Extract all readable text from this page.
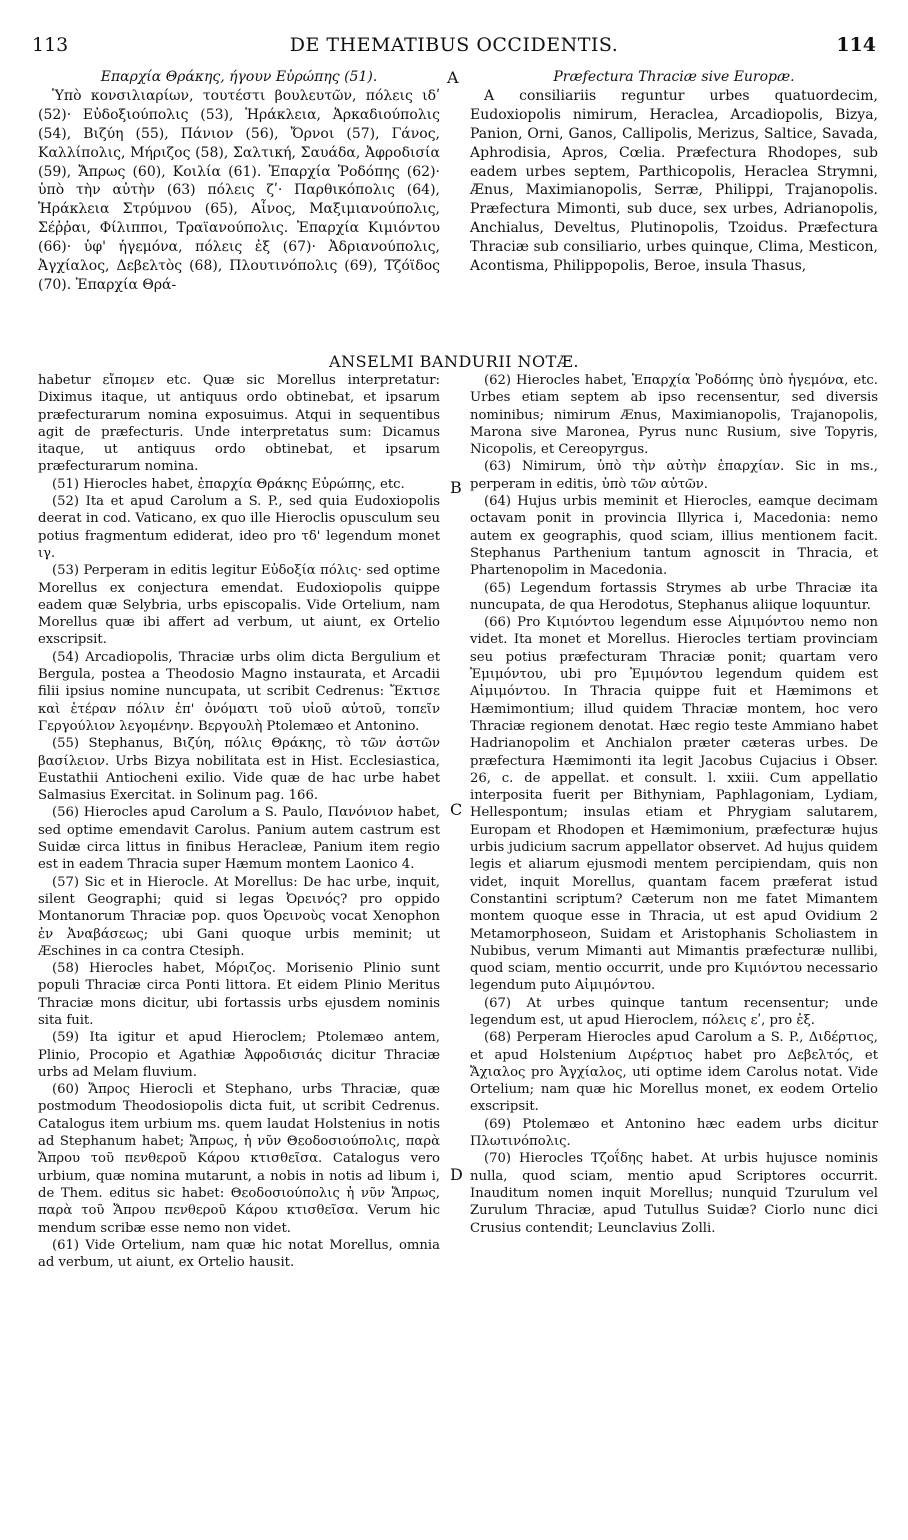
113	DE THEMATIBUS OCCIDENTIS.	114

Επαρχία Θράκης, ήγουν Εὐρώπης (51).

Ὑπὸ κονσιλιαρίων, τουτέστι βουλευτῶν, πόλεις ιδʹ (52)· Εὐδοξιούπολις (53), Ἡράκλεια, Ἀρκαδιούπολις (54), Βιζύη (55), Πάνιον (56), Ὄρνοι (57), Γάνος, Καλλίπολις, Μήριζος (58), Σαλτική, Σαυάδα, Ἀφροδισία (59), Ἄπρως (60), Κοιλία (61). Ἐπαρχία Ῥοδόπης (62)· ὑπὸ τὴν αὐτὴν (63) πόλεις ζʹ· Παρθικόπολις (64), Ἡράκλεια Στρύμνου (65), Αἶνος, Μαξιμιανούπολις, Σέῤῥαι, Φίλιπποι, Τραϊανούπολις. Ἐπαρχία Κιμιόντου (66)· ὑφ' ἡγεμόνα, πόλεις ἐξ (67)· Ἀδριανούπολις, Ἀγχίαλος, Δεβελτὸς (68), Πλουτινόπολις (69), Τζόϊδος (70). Ἐπαρχία Θρά-

A	Præfectura Thraciæ sive Europæ.

A consiliariis reguntur urbes quatuordecim, Eudoxiopolis nimirum, Heraclea, Arcadiopolis, Bizya, Panion, Orni, Ganos, Callipolis, Merizus, Saltice, Savada, Aphrodisia, Apros, Cœlia. Præfectura Rhodopes, sub eadem urbes septem, Parthicopolis, Heraclea Strymni, Ænus, Maximianopolis, Serræ, Philippi, Trajanopolis. Præfectura Mimonti, sub duce, sex urbes, Adrianopolis, Anchialus, Develtus, Plutinopolis, Tzoidus. Præfectura Thraciæ sub consiliario, urbes quinque, Clima, Mesticon, Acontisma, Philippopolis, Beroe, insula Thasus,

ANSELMI BANDURII NOTÆ.

habetur εἴπομεν etc. Quæ sic Morellus interpretatur: Diximus itaque, ut antiquus ordo obtinebat, et ipsarum præfecturarum nomina exposuimus. Atqui in sequentibus agit de præfecturis. Unde interpretatus sum: Dicamus itaque, ut antiquus ordo obtinebat, et ipsarum præfecturarum nomina.

(51) Hierocles habet, ἐπαρχία Θράκης Εὐρώπης, etc.

(52) Ita et apud Carolum a S. P., sed quia Eudoxiopolis deerat in cod. Vaticano, ex quo ille Hieroclis opusculum seu potius fragmentum ediderat, ideo pro τδ' legendum monet ιγ.

(53) Perperam in editis legitur Εὐδοξία πόλις· sed optime Morellus ex conjectura emendat. Eudoxiopolis quippe eadem quæ Selybria, urbs episcopalis. Vide Ortelium, nam Morellus quæ ibi affert ad verbum, ut aiunt, ex Ortelio exscripsit.

(54) Arcadiopolis, Thraciæ urbs olim dicta Bergulium et Bergula, postea a Theodosio Magno instaurata, et Arcadii filii ipsius nomine nuncupata, ut scribit Cedrenus: Ἔκτισε καὶ ἑτέραν πόλιν ἐπ' ὀνόματι τοῦ υἱοῦ αὐτοῦ, τοπεῖν Γεργούλιον λεγομένην. Βεργουλὴ Ptolemæo et Antonino.

(55) Stephanus, Βιζύη, πόλις Θράκης, τὸ τῶν ἀστῶν βασίλειον. Urbs Bizya nobilitata est in Hist. Ecclesiastica, Eustathii Antiocheni exilio. Vide quæ de hac urbe habet Salmasius Exercitat. in Solinum pag. 166.

(56) Hierocles apud Carolum a S. Paulo, Πανόνιον habet, sed optime emendavit Carolus. Panium autem castrum est Suidæ circa littus in finibus Heracleæ, Panium item regio est in eadem Thracia super Hæmum montem Laonico 4.

(57) Sic et in Hierocle. At Morellus: De hac urbe, inquit, silent Geographi; quid si legas Ὀρεινός? pro oppido Montanorum Thraciæ pop. quos Ὀρεινοὺς vocat Xenophon ἐν Ἀναβάσεως; ubi Gani quoque urbis meminit; ut Æschines in ca contra Ctesiph.

(58) Hierocles habet, Μόριζος. Morisenio Plinio sunt populi Thraciæ circa Ponti littora. Et eidem Plinio Meritus Thraciæ mons dicitur, ubi fortassis urbs ejusdem nominis sita fuit.

(59) Ita igitur et apud Hieroclem; Ptolemæo antem, Plinio, Procopio et Agathiæ Ἀφροδισιάς dicitur Thraciæ urbs ad Melam fluvium.

(60) Ἄπρος Hierocli et Stephano, urbs Thraciæ, quæ postmodum Theodosiopolis dicta fuit, ut scribit Cedrenus. Catalogus item urbium ms. quem laudat Holstenius in notis ad Stephanum habet; Ἄπρως, ἡ νῦν Θεοδοσιούπολις, παρὰ Ἄπρου τοῦ πενθεροῦ Κάρου κτισθεῖσα. Catalogus vero urbium, quæ nomina mutarunt, a nobis in notis ad libum i, de Them. editus sic habet: Θεοδοσιούπολις ἡ νῦν Ἄπρως, παρὰ τοῦ Ἄπρου πενθεροῦ Κάρου κτισθεῖσα. Verum hic mendum scribæ esse nemo non videt.

(61) Vide Ortelium, nam quæ hic notat Morellus, omnia ad verbum, ut aiunt, ex Ortelio hausit.

B
C
D

(62) Hierocles habet, Ἐπαρχία Ῥοδόπης ὑπὸ ἡγεμόνα, etc. Urbes etiam septem ab ipso recensentur, sed diversis nominibus; nimirum Ænus, Maximianopolis, Trajanopolis, Marona sive Maronea, Pyrus nunc Rusium, sive Topyris, Nicopolis, et Cereopyrgus.

(63) Nimirum, ὑπὸ τὴν αὐτὴν ἐπαρχίαν. Sic in ms., perperam in editis, ὑπὸ τῶν αὐτῶν.

(64) Hujus urbis meminit et Hierocles, eamque decimam octavam ponit in provincia Illyrica i, Macedonia: nemo autem ex geographis, quod sciam, illius mentionem facit. Stephanus Parthenium tantum agnoscit in Thracia, et Phartenopolim in Macedonia.

(65) Legendum fortassis Strymes ab urbe Thraciæ ita nuncupata, de qua Herodotus, Stephanus aliique loquuntur.

(66) Pro Κιμιόντου legendum esse Αἱμιμόντου nemo non videt. Ita monet et Morellus. Hierocles tertiam provinciam seu potius præfecturam Thraciæ ponit; quartam vero Ἐμιμόντου, ubi pro Ἐμιμόντου legendum quidem est Αἱμιμόντου. In Thracia quippe fuit et Hæmimons et Hæmimontium; illud quidem Thraciæ montem, hoc vero Thraciæ regionem denotat. Hæc regio teste Ammiano habet Hadrianopolim et Anchialon præter cæteras urbes. De præfectura Hæmimonti ita legit Jacobus Cujacius i Obser. 26, c. de appellat. et consult. l. xxiii. Cum appellatio interposita fuerit per Bithyniam, Paphlagoniam, Lydiam, Hellespontum; insulas etiam et Phrygiam salutarem, Europam et Rhodopen et Hæmimonium, præfecturæ hujus urbis judicium sacrum appellator observet. Ad hujus quidem legis et aliarum ejusmodi mentem percipiendam, quis non videt, inquit Morellus, quantam facem præferat istud Constantini scriptum? Cæterum non me fatet Mimantem montem quoque esse in Thracia, ut est apud Ovidium 2 Metamorphoseon, Suidam et Aristophanis Scholiastem in Nubibus, verum Mimanti aut Mimantis præfecturæ nullibi, quod sciam, mentio occurrit, unde pro Κιμιόντου necessario legendum puto Αἱμιμόντου.

(67) At urbes quinque tantum recensentur; unde legendum est, ut apud Hieroclem, πόλεις εʹ, pro ἐξ.

(68) Perperam Hierocles apud Carolum a S. P., Διδέρτιος, et apud Holstenium Διρέρτιος habet pro Δεβελτός, et Ἄχιαλος pro Ἀγχίαλος, uti optime idem Carolus notat. Vide Ortelium; nam quæ hic Morellus monet, ex eodem Ortelio exscripsit.

(69) Ptolemæo et Antonino hæc eadem urbs dicitur Πλωτινόπολις.

(70) Hierocles Τζοΐδης habet. At urbis hujusce nominis nulla, quod sciam, mentio apud Scriptores occurrit. Inauditum nomen inquit Morellus; nunquid Tzurulum vel Zurulum Thraciæ, apud Tutullus Suidæ? Ciorlo nunc dici Crusius contendit; Leunclavius Zolli.
